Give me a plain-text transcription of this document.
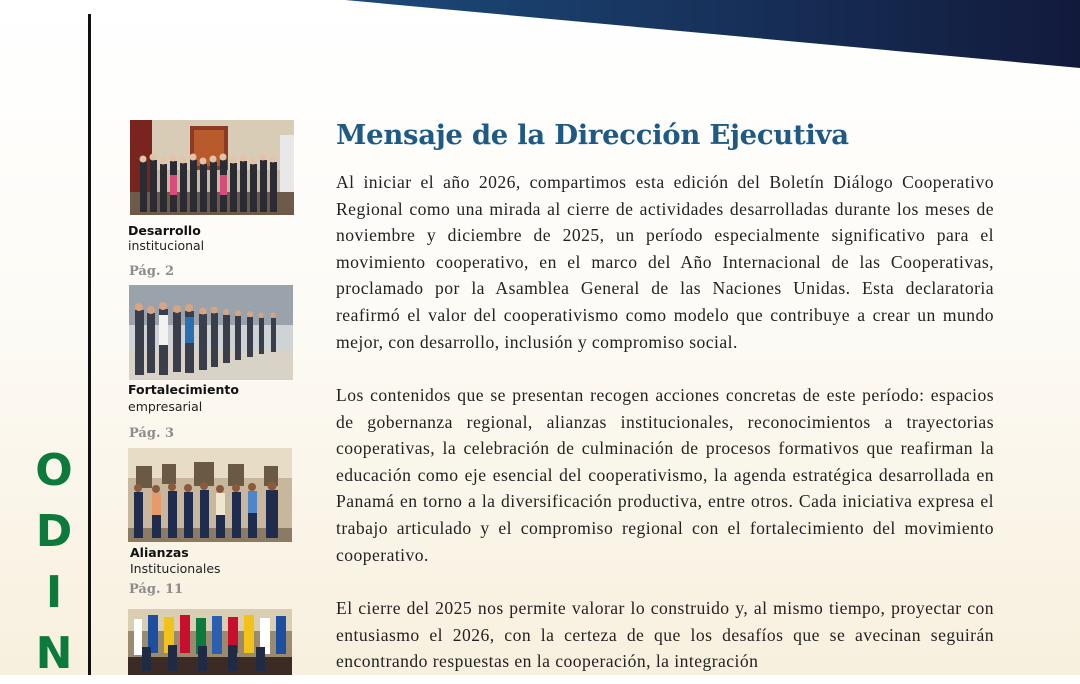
O
D
I
N
Desarrollo
institucional
Pág. 2
Fortalecimiento
empresarial
Pág. 3
Alianzas
Institucionales
Pág. 11
Mensaje de la Dirección Ejecutiva

Al iniciar el año 2026, compartimos esta edición del Boletín Diálogo Cooperativo Regional como una mirada al cierre de actividades desarrolladas durante los meses de noviembre y diciembre de 2025, un período especialmente significativo para el movimiento cooperativo, en el marco del Año Internacional de las Cooperativas, proclamado por la Asamblea General de las Naciones Unidas. Esta declaratoria reafirmó el valor del cooperativismo como modelo que contribuye a crear un mundo mejor, con desarrollo, inclusión y compromiso social.

Los contenidos que se presentan recogen acciones concretas de este período: espacios de gobernanza regional, alianzas institucionales, reconocimientos a trayectorias cooperativas, la celebración de culminación de procesos formativos que reafirman la educación como eje esencial del cooperativismo, la agenda estratégica desarrollada en Panamá en torno a la diversificación productiva, entre otros. Cada iniciativa expresa el trabajo articulado y el compromiso regional con el fortalecimiento del movimiento cooperativo.

El cierre del 2025 nos permite valorar lo construido y, al mismo tiempo, proyectar con entusiasmo el 2026, con la certeza de que los desafíos que se avecinan seguirán encontrando respuestas en la cooperación, la integración
